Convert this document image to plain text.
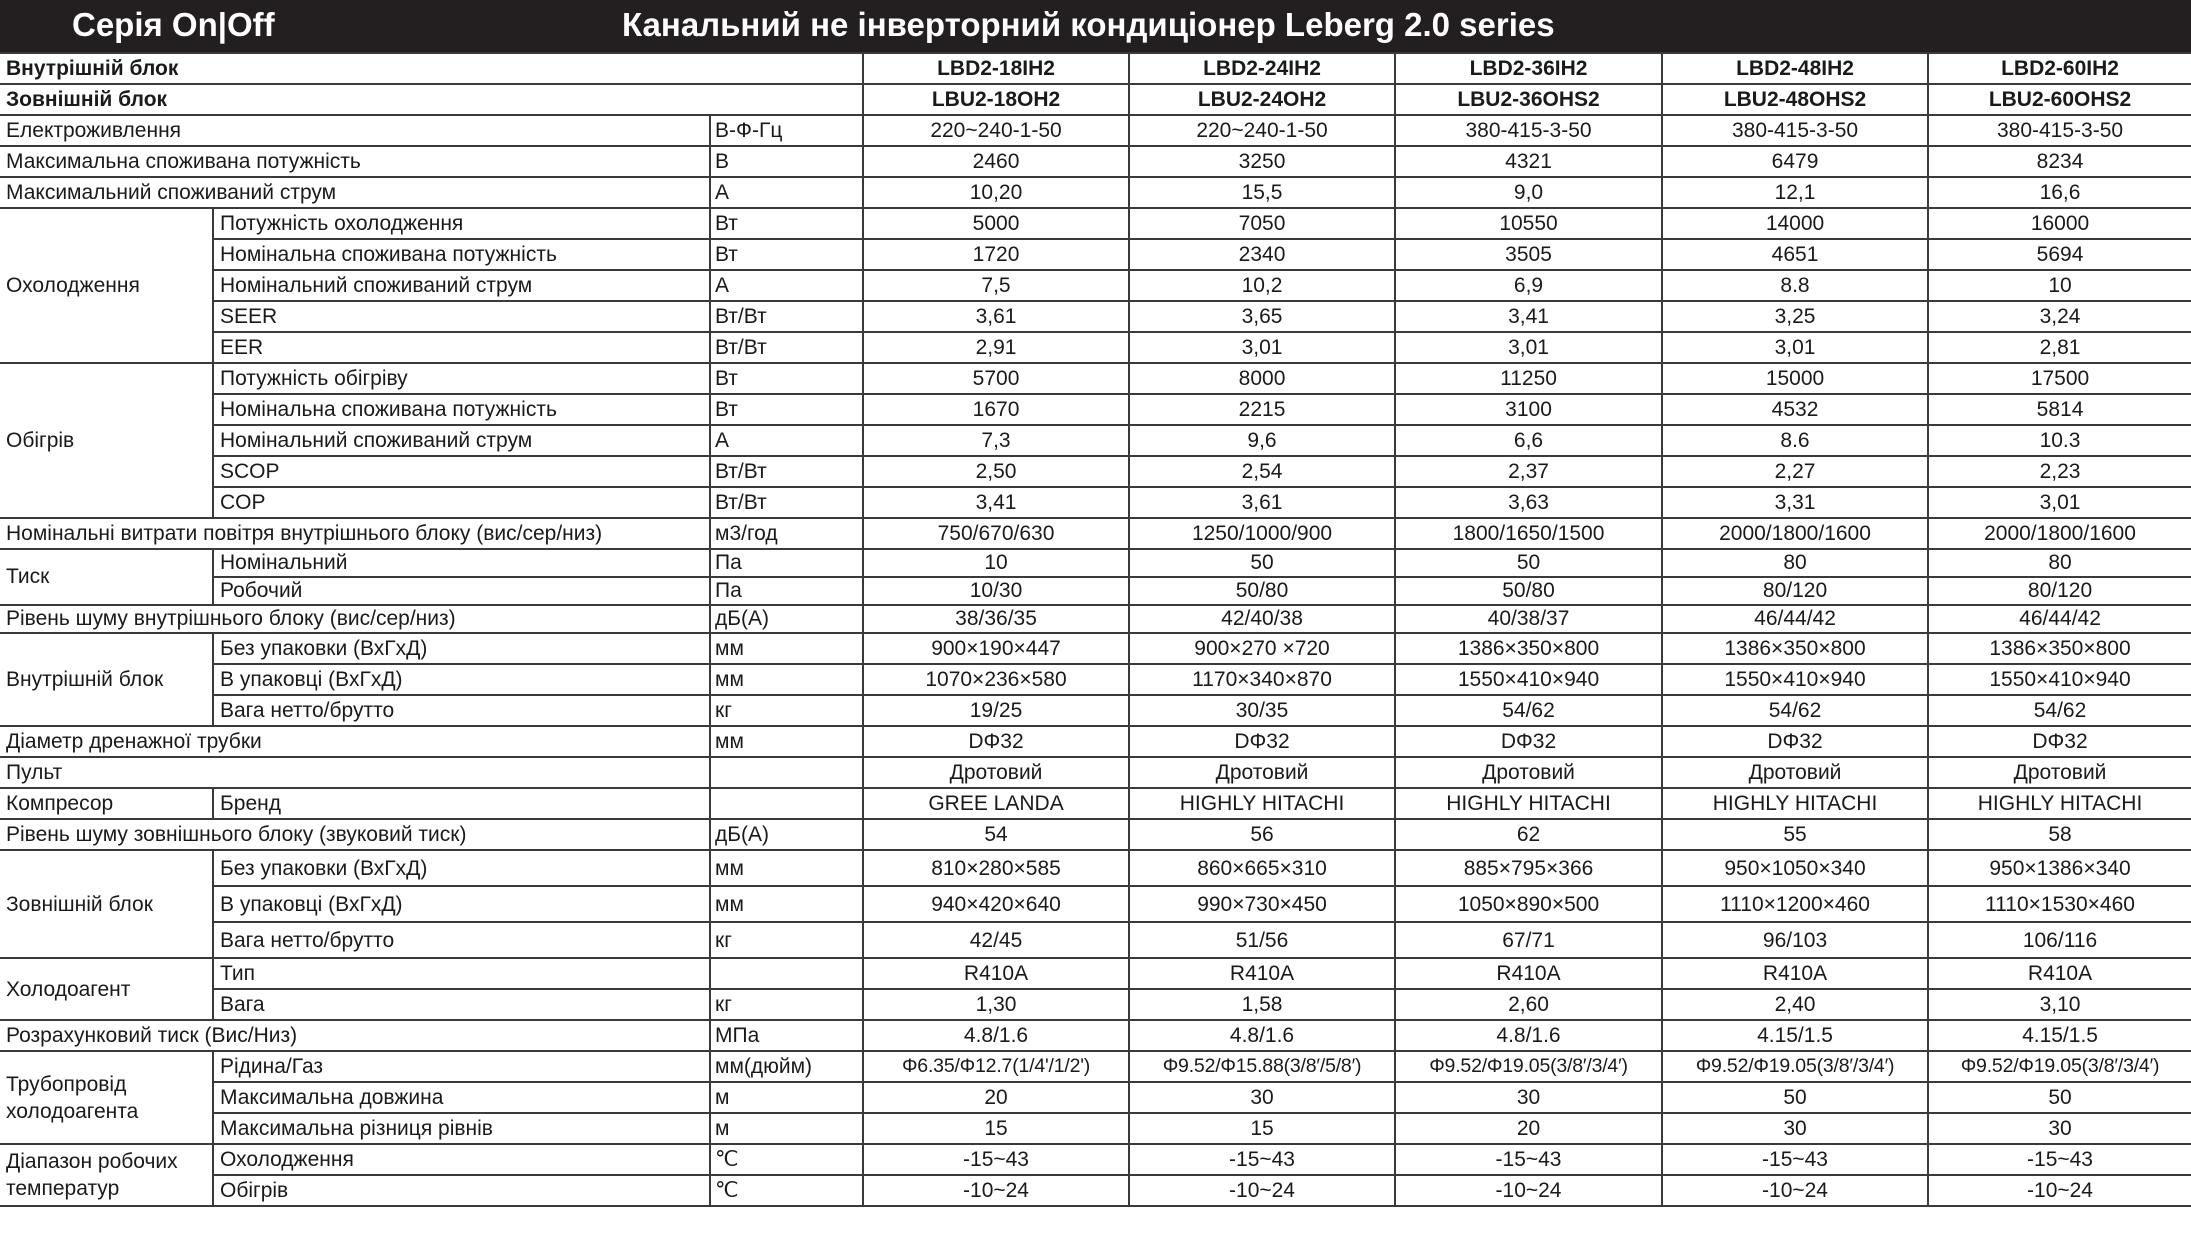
Серія On|Off	Канальний не інверторний кондиціонер Leberg 2.0 series
Внутрішній блок			LBD2-18IH2	LBD2-24IH2	LBD2-36IH2	LBD2-48IH2	LBD2-60IH2
Зовнішній блок			LBU2-18OH2	LBU2-24OH2	LBU2-36OHS2	LBU2-48OHS2	LBU2-60OHS2
Електроживлення		В-Ф-Гц	220~240-1-50	220~240-1-50	380-415-3-50	380-415-3-50	380-415-3-50
Максимальна споживана потужність		В	2460	3250	4321	6479	8234
Максимальний споживаний струм		А	10,20	15,5	9,0	12,1	16,6
Охолодження	Потужність охолодження	Вт	5000	7050	10550	14000	16000
	Номінальна споживана потужність	Вт	1720	2340	3505	4651	5694
	Номінальний споживаний струм	А	7,5	10,2	6,9	8.8	10
	SEER	Вт/Вт	3,61	3,65	3,41	3,25	3,24
	EER	Вт/Вт	2,91	3,01	3,01	3,01	2,81
Обігрів	Потужність обігріву	Вт	5700	8000	11250	15000	17500
	Номінальна споживана потужність	Вт	1670	2215	3100	4532	5814
	Номінальний споживаний струм	А	7,3	9,6	6,6	8.6	10.3
	SCOP	Вт/Вт	2,50	2,54	2,37	2,27	2,23
	COP	Вт/Вт	3,41	3,61	3,63	3,31	3,01
Номінальні витрати повітря внутрішнього блоку (вис/сер/низ)		м3/год	750/670/630	1250/1000/900	1800/1650/1500	2000/1800/1600	2000/1800/1600
Тиск	Номінальний	Па	10	50	50	80	80
	Робочий	Па	10/30	50/80	50/80	80/120	80/120
Рівень шуму внутрішнього блоку (вис/сер/низ)		дБ(А)	38/36/35	42/40/38	40/38/37	46/44/42	46/44/42
Внутрішній блок	Без упаковки (ВхГхД)	мм	900×190×447	900×270 ×720	1386×350×800	1386×350×800	1386×350×800
	В упаковці (ВхГхД)	мм	1070×236×580	1170×340×870	1550×410×940	1550×410×940	1550×410×940
	Вага нетто/брутто	кг	19/25	30/35	54/62	54/62	54/62
Діаметр дренажної трубки		мм	DΦ32	DΦ32	DΦ32	DΦ32	DΦ32
Пульт			Дротовий	Дротовий	Дротовий	Дротовий	Дротовий
Компресор	Бренд		GREE LANDA	HIGHLY HITACHI	HIGHLY HITACHI	HIGHLY HITACHI	HIGHLY HITACHI
Рівень шуму зовнішнього блоку (звуковий тиск)		дБ(А)	54	56	62	55	58
Зовнішній блок	Без упаковки (ВхГхД)	мм	810×280×585	860×665×310	885×795×366	950×1050×340	950×1386×340
	В упаковці (ВхГхД)	мм	940×420×640	990×730×450	1050×890×500	1110×1200×460	1110×1530×460
	Вага нетто/брутто	кг	42/45	51/56	67/71	96/103	106/116
Холодоагент	Тип		R410A	R410A	R410A	R410A	R410A
	Вага	кг	1,30	1,58	2,60	2,40	3,10
Розрахунковий тиск (Вис/Низ)		МПа	4.8/1.6	4.8/1.6	4.8/1.6	4.15/1.5	4.15/1.5

Трубопровід
холодоагента	Рідина/Газ	мм(дюйм)	Φ6.35/Φ12.7(1/4'/1/2')	Φ9.52/Φ15.88(3/8′/5/8′)	Φ9.52/Φ19.05(3/8′/3/4′)	Φ9.52/Φ19.05(3/8′/3/4′)	Φ9.52/Φ19.05(3/8′/3/4′)
	Максимальна довжина	м	20	30	30	50	50
	Максимальна різниця рівнів	м	15	15	20	30	30

Діапазон робочих
температур	Охолодження	℃	-15~43	-15~43	-15~43	-15~43	-15~43
	Обігрів	℃	-10~24	-10~24	-10~24	-10~24	-10~24
